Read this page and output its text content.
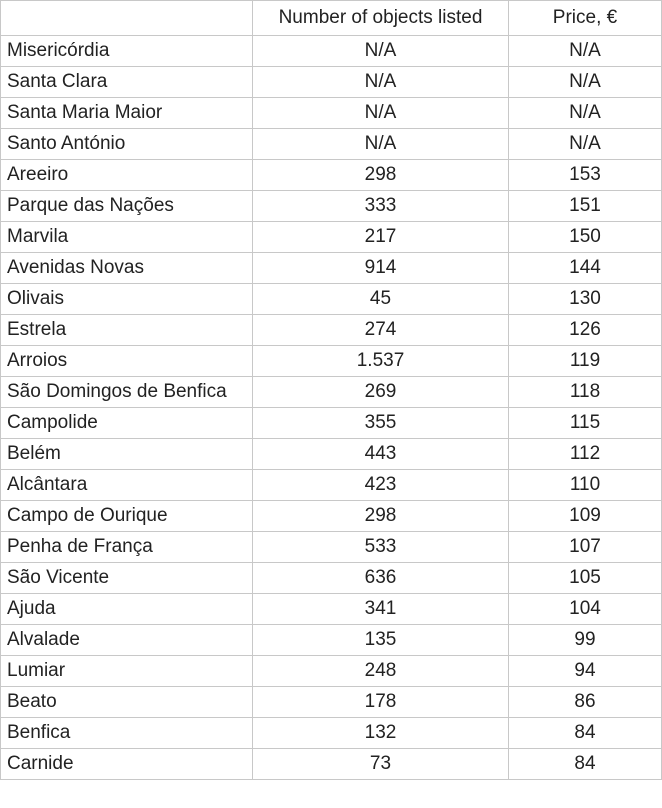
	Number of objects listed	Price, €
Misericórdia	N/A	N/A
Santa Clara	N/A	N/A
Santa Maria Maior	N/A	N/A
Santo António	N/A	N/A
Areeiro	298	153
Parque das Nações	333	151
Marvila	217	150
Avenidas Novas	914	144
Olivais	45	130
Estrela	274	126
Arroios	1.537	119
São Domingos de Benfica	269	118
Campolide	355	115
Belém	443	112
Alcântara	423	110
Campo de Ourique	298	109
Penha de França	533	107
São Vicente	636	105
Ajuda	341	104
Alvalade	135	99
Lumiar	248	94
Beato	178	86
Benfica	132	84
Carnide	73	84
